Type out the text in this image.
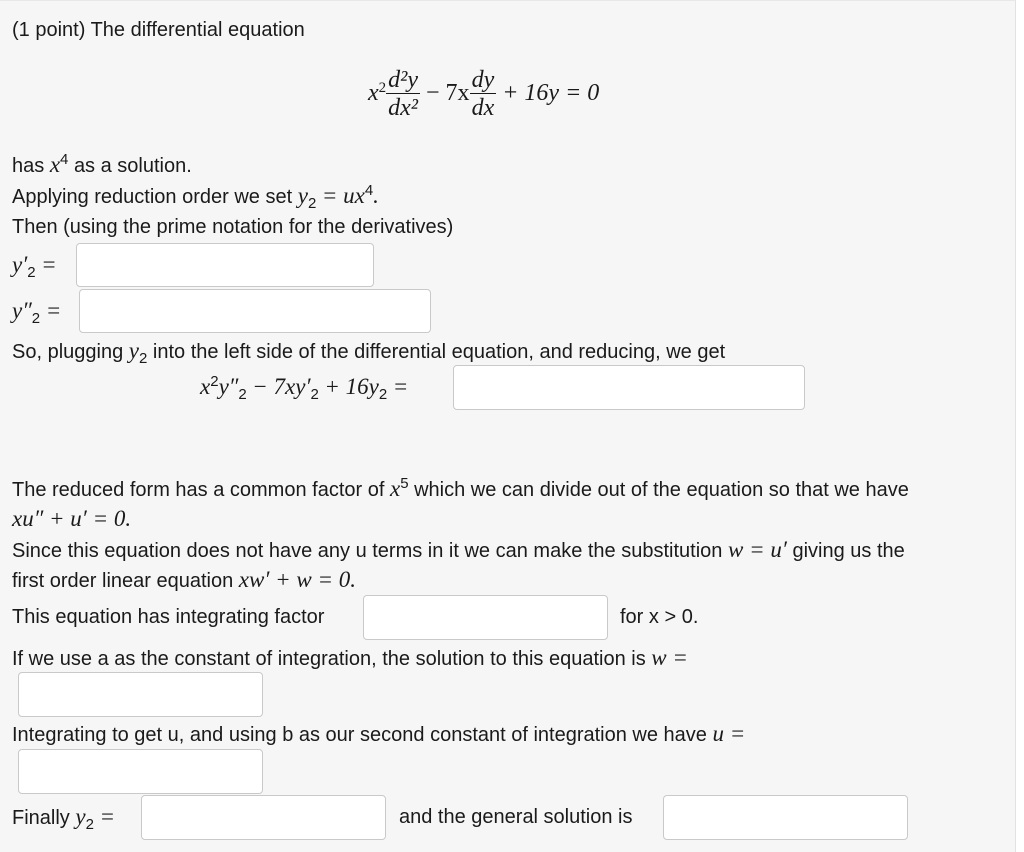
(1 point) The differential equation
$x^2 \frac{\text{d²y}}{\text{dx²}} - 7x \frac{dy}{dx} + 16y = 0$
has $x^4$ as a solution.
Applying reduction order we set $y_2 = ux^4$.
Then (using the prime notation for the derivatives)
$y'_2$ =
$y''_2$ =
So, plugging $y_2$ into the left side of the differential equation, and reducing, we get
$x^2y''_2 - 7xy'_2 + 16y_2$ =
The reduced form has a common factor of $x^5$ which we can divide out of the equation so that we have
xu″ + u′ = 0.
Since this equation does not have any u terms in it we can make the substitution w = u′ giving us the
first order linear equation xw′ + w = 0.
This equation has integrating factor	for x > 0.
If we use a as the constant of integration, the solution to this equation is w =
Integrating to get u, and using b as our second constant of integration we have u =
Finally $y_2$ =	and the general solution is
